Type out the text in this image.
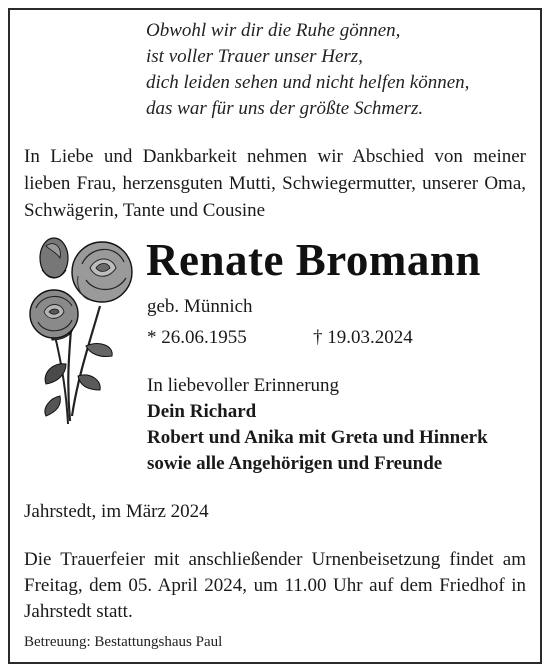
Obwohl wir dir die Ruhe gönnen,
ist voller Trauer unser Herz,
dich leiden sehen und nicht helfen können,
das war für uns der größte Schmerz.
In Liebe und Dankbarkeit nehmen wir Abschied von meiner lieben Frau, herzensguten Mutti, Schwiegermutter, unserer Oma, Schwägerin, Tante und Cousine
Renate Bromann
geb. Münnich
* 26.06.1955	† 19.03.2024
In liebevoller Erinnerung
Dein Richard
Robert und Anika mit Greta und Hinnerk
sowie alle Angehörigen und Freunde
Jahrstedt, im März 2024
Die Trauerfeier mit anschließender Urnenbeisetzung findet am Freitag, dem 05. April 2024, um 11.00 Uhr auf dem Friedhof in Jahrstedt statt.
Betreuung: Bestattungshaus Paul
